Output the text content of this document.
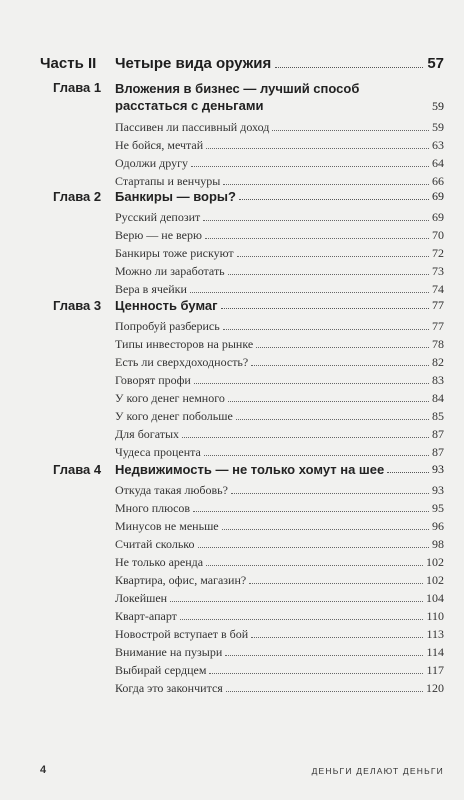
Часть II	Четыре вида оружия	57
Глава 1 Вложения в бизнес — лучший способ расстаться с деньгами	59
Пассивен ли пассивный доход	59
Не бойся, мечтай	63
Одолжи другу	64
Стартапы и венчуры	66
Глава 2 Банкиры — воры?	69
Русский депозит	69
Верю — не верю	70
Банкиры тоже рискуют	72
Можно ли заработать	73
Вера в ячейки	74
Глава 3 Ценность бумаг	77
Попробуй разберись	77
Типы инвесторов на рынке	78
Есть ли сверхдоходность?	82
Говорят профи	83
У кого денег немного	84
У кого денег побольше	85
Для богатых	87
Чудеса процента	87
Глава 4 Недвижимость — не только хомут на шее	93
Откуда такая любовь?	93
Много плюсов	95
Минусов не меньше	96
Считай сколько	98
Не только аренда	102
Квартира, офис, магазин?	102
Локейшен	104
Кварт-апарт	110
Новострой вступает в бой	113
Внимание на пузыри	114
Выбирай сердцем	117
Когда это закончится	120
4	ДЕНЬГИ ДЕЛАЮТ ДЕНЬГИ
